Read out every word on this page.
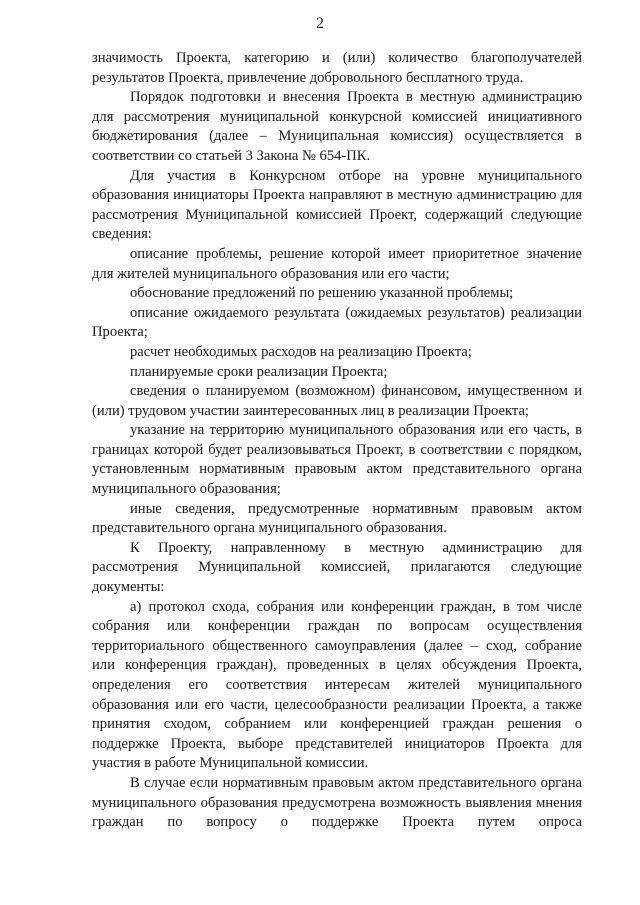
2

значимость Проекта, категорию и (или) количество благополучателей результатов Проекта, привлечение добровольного бесплатного труда.

Порядок подготовки и внесения Проекта в местную администрацию для рассмотрения муниципальной конкурсной комиссией инициативного бюджетирования (далее – Муниципальная комиссия) осуществляется в соответствии со статьей 3 Закона № 654-ПК.

Для участия в Конкурсном отборе на уровне муниципального образования инициаторы Проекта направляют в местную администрацию для рассмотрения Муниципальной комиссией Проект, содержащий следующие сведения:

описание проблемы, решение которой имеет приоритетное значение для жителей муниципального образования или его части;

обоснование предложений по решению указанной проблемы;

описание ожидаемого результата (ожидаемых результатов) реализации Проекта;

расчет необходимых расходов на реализацию Проекта;

планируемые сроки реализации Проекта;

сведения о планируемом (возможном) финансовом, имущественном и (или) трудовом участии заинтересованных лиц в реализации Проекта;

указание на территорию муниципального образования или его часть, в границах которой будет реализовываться Проект, в соответствии с порядком, установленным нормативным правовым актом представительного органа муниципального образования;

иные сведения, предусмотренные нормативным правовым актом представительного органа муниципального образования.

К Проекту, направленному в местную администрацию для рассмотрения Муниципальной комиссией, прилагаются следующие документы:

а) протокол схода, собрания или конференции граждан, в том числе собрания или конференции граждан по вопросам осуществления территориального общественного самоуправления (далее – сход, собрание или конференция граждан), проведенных в целях обсуждения Проекта, определения его соответствия интересам жителей муниципального образования или его части, целесообразности реализации Проекта, а также принятия сходом, собранием или конференцией граждан решения о поддержке Проекта, выборе представителей инициаторов Проекта для участия в работе Муниципальной комиссии.

В случае если нормативным правовым актом представительного органа муниципального образования предусмотрена возможность выявления мнения граждан по вопросу о поддержке Проекта путем опроса
